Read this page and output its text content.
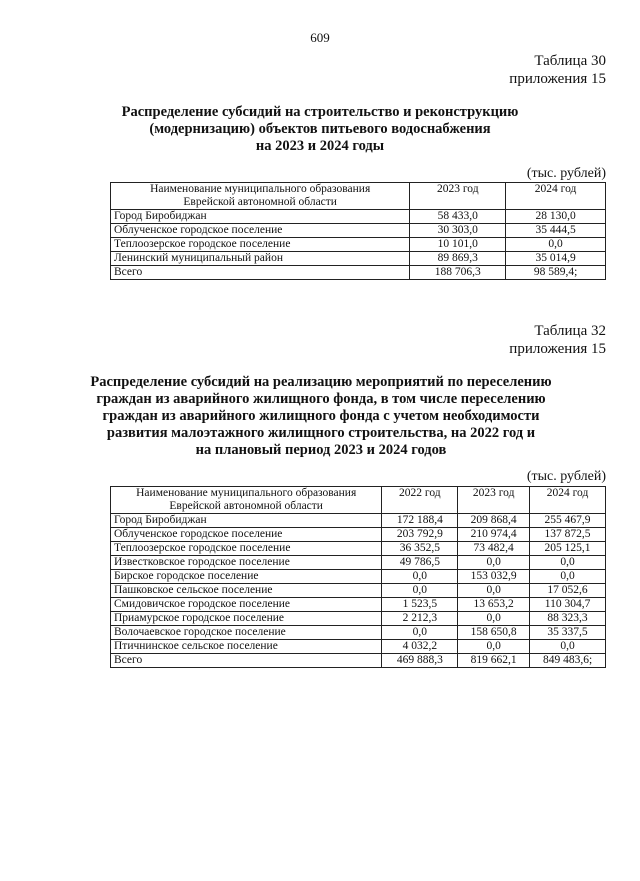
609
Таблица 30
приложения 15
Распределение субсидий на строительство и реконструкцию
(модернизацию) объектов питьевого водоснабжения
на 2023 и 2024 годы
(тыс. рублей)
Наименование муниципального образования
Еврейской автономной области	2023 год	2024 год
Город Биробиджан	58 433,0	28 130,0
Облученское городское поселение	30 303,0	35 444,5
Теплоозерское городское поселение	10 101,0	0,0
Ленинский муниципальный район	89 869,3	35 014,9
Всего	188 706,3	98 589,4;
Таблица 32
приложения 15
Распределение субсидий на реализацию мероприятий по переселению
граждан из аварийного жилищного фонда, в том числе переселению
граждан из аварийного жилищного фонда с учетом необходимости
развития малоэтажного жилищного строительства, на 2022 год и
на плановый период 2023 и 2024 годов
(тыс. рублей)
Наименование муниципального образования
Еврейской автономной области	2022 год	2023 год	2024 год
Город Биробиджан	172 188,4	209 868,4	255 467,9
Облученское городское поселение	203 792,9	210 974,4	137 872,5
Теплоозерское городское поселение	36 352,5	73 482,4	205 125,1
Известковское городское поселение	49 786,5	0,0	0,0
Бирское городское поселение	0,0	153 032,9	0,0
Пашковское сельское поселение	0,0	0,0	17 052,6
Смидовичское городское поселение	1 523,5	13 653,2	110 304,7
Приамурское городское поселение	2 212,3	0,0	88 323,3
Волочаевское городское поселение	0,0	158 650,8	35 337,5
Птичнинское сельское поселение	4 032,2	0,0	0,0
Всего	469 888,3	819 662,1	849 483,6;
